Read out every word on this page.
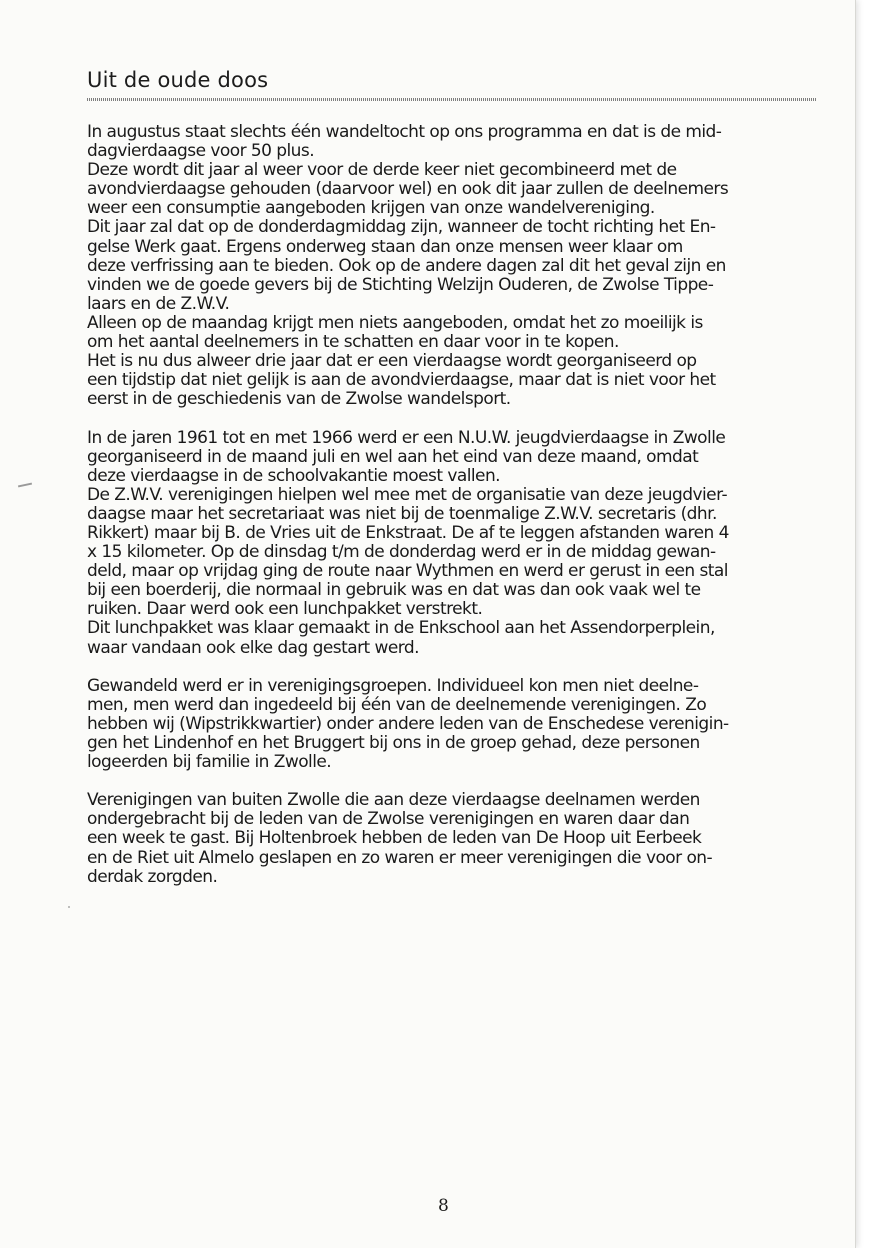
Uit de oude doos

In augustus staat slechts één wandeltocht op ons programma en dat is de mid-
dagvierdaagse voor 50 plus.
Deze wordt dit jaar al weer voor de derde keer niet gecombineerd met de
avondvierdaagse gehouden (daarvoor wel) en ook dit jaar zullen de deelnemers
weer een consumptie aangeboden krijgen van onze wandelvereniging.
Dit jaar zal dat op de donderdagmiddag zijn, wanneer de tocht richting het En-
gelse Werk gaat. Ergens onderweg staan dan onze mensen weer klaar om
deze verfrissing aan te bieden. Ook op de andere dagen zal dit het geval zijn en
vinden we de goede gevers bij de Stichting Welzijn Ouderen, de Zwolse Tippe-
laars en de Z.W.V.
Alleen op de maandag krijgt men niets aangeboden, omdat het zo moeilijk is
om het aantal deelnemers in te schatten en daar voor in te kopen.
Het is nu dus alweer drie jaar dat er een vierdaagse wordt georganiseerd op
een tijdstip dat niet gelijk is aan de avondvierdaagse, maar dat is niet voor het
eerst in de geschiedenis van de Zwolse wandelsport.

In de jaren 1961 tot en met 1966 werd er een N.U.W. jeugdvierdaagse in Zwolle
georganiseerd in de maand juli en wel aan het eind van deze maand, omdat
deze vierdaagse in de schoolvakantie moest vallen.
De Z.W.V. verenigingen hielpen wel mee met de organisatie van deze jeugdvier-
daagse maar het secretariaat was niet bij de toenmalige Z.W.V. secretaris (dhr.
Rikkert) maar bij B. de Vries uit de Enkstraat. De af te leggen afstanden waren 4
x 15 kilometer. Op de dinsdag t/m de donderdag werd er in de middag gewan-
deld, maar op vrijdag ging de route naar Wythmen en werd er gerust in een stal
bij een boerderij, die normaal in gebruik was en dat was dan ook vaak wel te
ruiken. Daar werd ook een lunchpakket verstrekt.
Dit lunchpakket was klaar gemaakt in de Enkschool aan het Assendorperplein,
waar vandaan ook elke dag gestart werd.

Gewandeld werd er in verenigingsgroepen. Individueel kon men niet deelne-
men, men werd dan ingedeeld bij één van de deelnemende verenigingen. Zo
hebben wij (Wipstrikkwartier) onder andere leden van de Enschedese verenigin-
gen het Lindenhof en het Bruggert bij ons in de groep gehad, deze personen
logeerden bij familie in Zwolle.

Verenigingen van buiten Zwolle die aan deze vierdaagse deelnamen werden
ondergebracht bij de leden van de Zwolse verenigingen en waren daar dan
een week te gast. Bij Holtenbroek hebben de leden van De Hoop uit Eerbeek
en de Riet uit Almelo geslapen en zo waren er meer verenigingen die voor on-
derdak zorgden.

8
